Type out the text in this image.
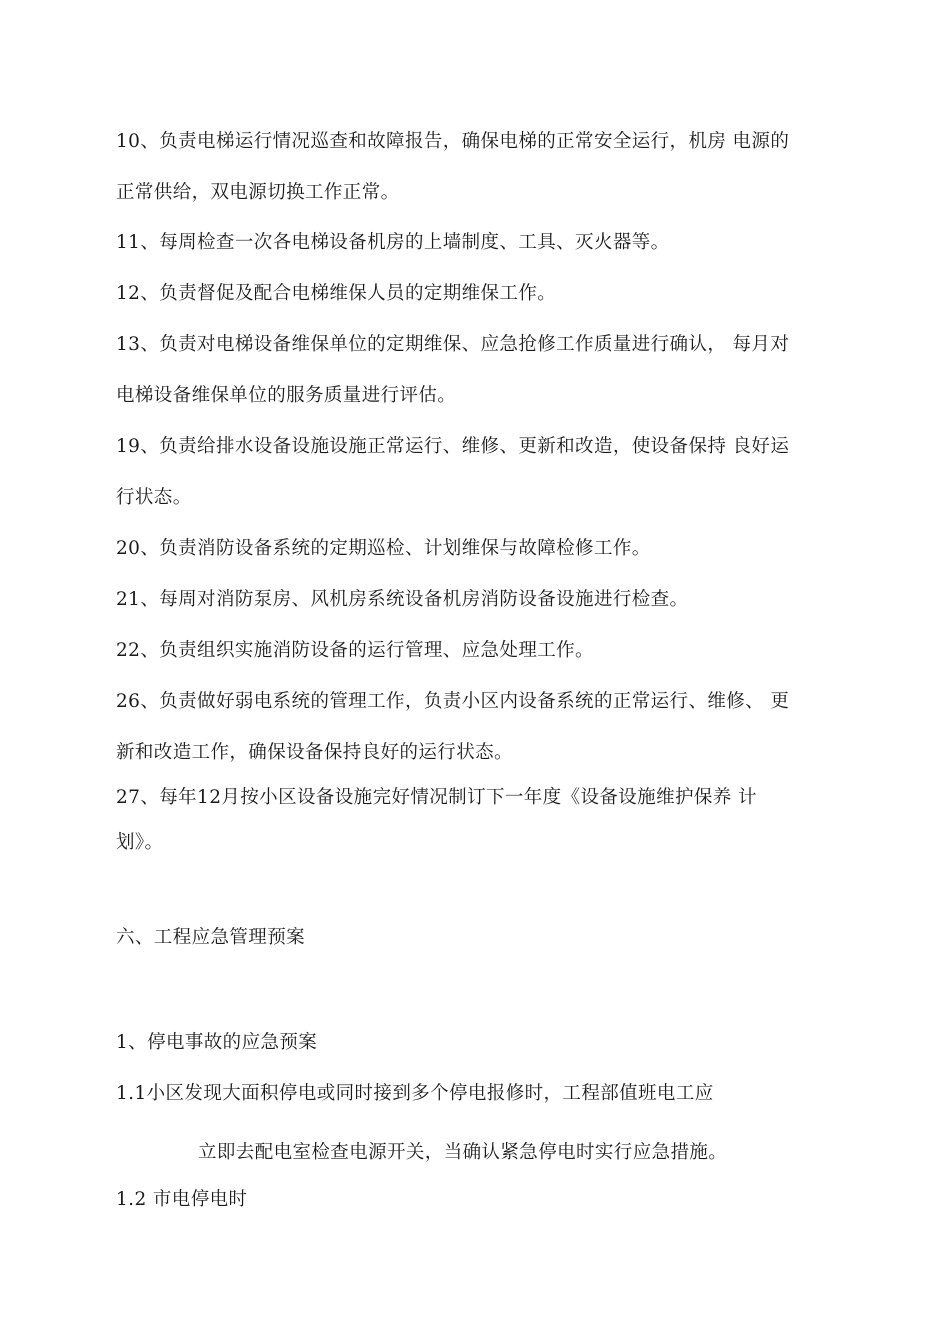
10、负责电梯运行情况巡查和故障报告，确保电梯的正常安全运行，机房 电源的
正常供给，双电源切换工作正常。
11、每周检查一次各电梯设备机房的上墙制度、工具、灭火器等。
12、负责督促及配合电梯维保人员的定期维保工作。
13、负责对电梯设备维保单位的定期维保、应急抢修工作质量进行确认， 每月对
电梯设备维保单位的服务质量进行评估。
19、负责给排水设备设施设施正常运行、维修、更新和改造，使设备保持 良好运
行状态。
20、负责消防设备系统的定期巡检、计划维保与故障检修工作。
21、每周对消防泵房、风机房系统设备机房消防设备设施进行检查。
22、负责组织实施消防设备的运行管理、应急处理工作。
26、负责做好弱电系统的管理工作，负责小区内设备系统的正常运行、维修、 更
新和改造工作，确保设备保持良好的运行状态。
27、每年12月按小区设备设施完好情况制订下一年度《设备设施维护保养 计
划》。
六、工程应急管理预案
1、停电事故的应急预案
1.1小区发现大面积停电或同时接到多个停电报修时，工程部值班电工应
立即去配电室检查电源开关，当确认紧急停电时实行应急措施。
1.2 市电停电时
